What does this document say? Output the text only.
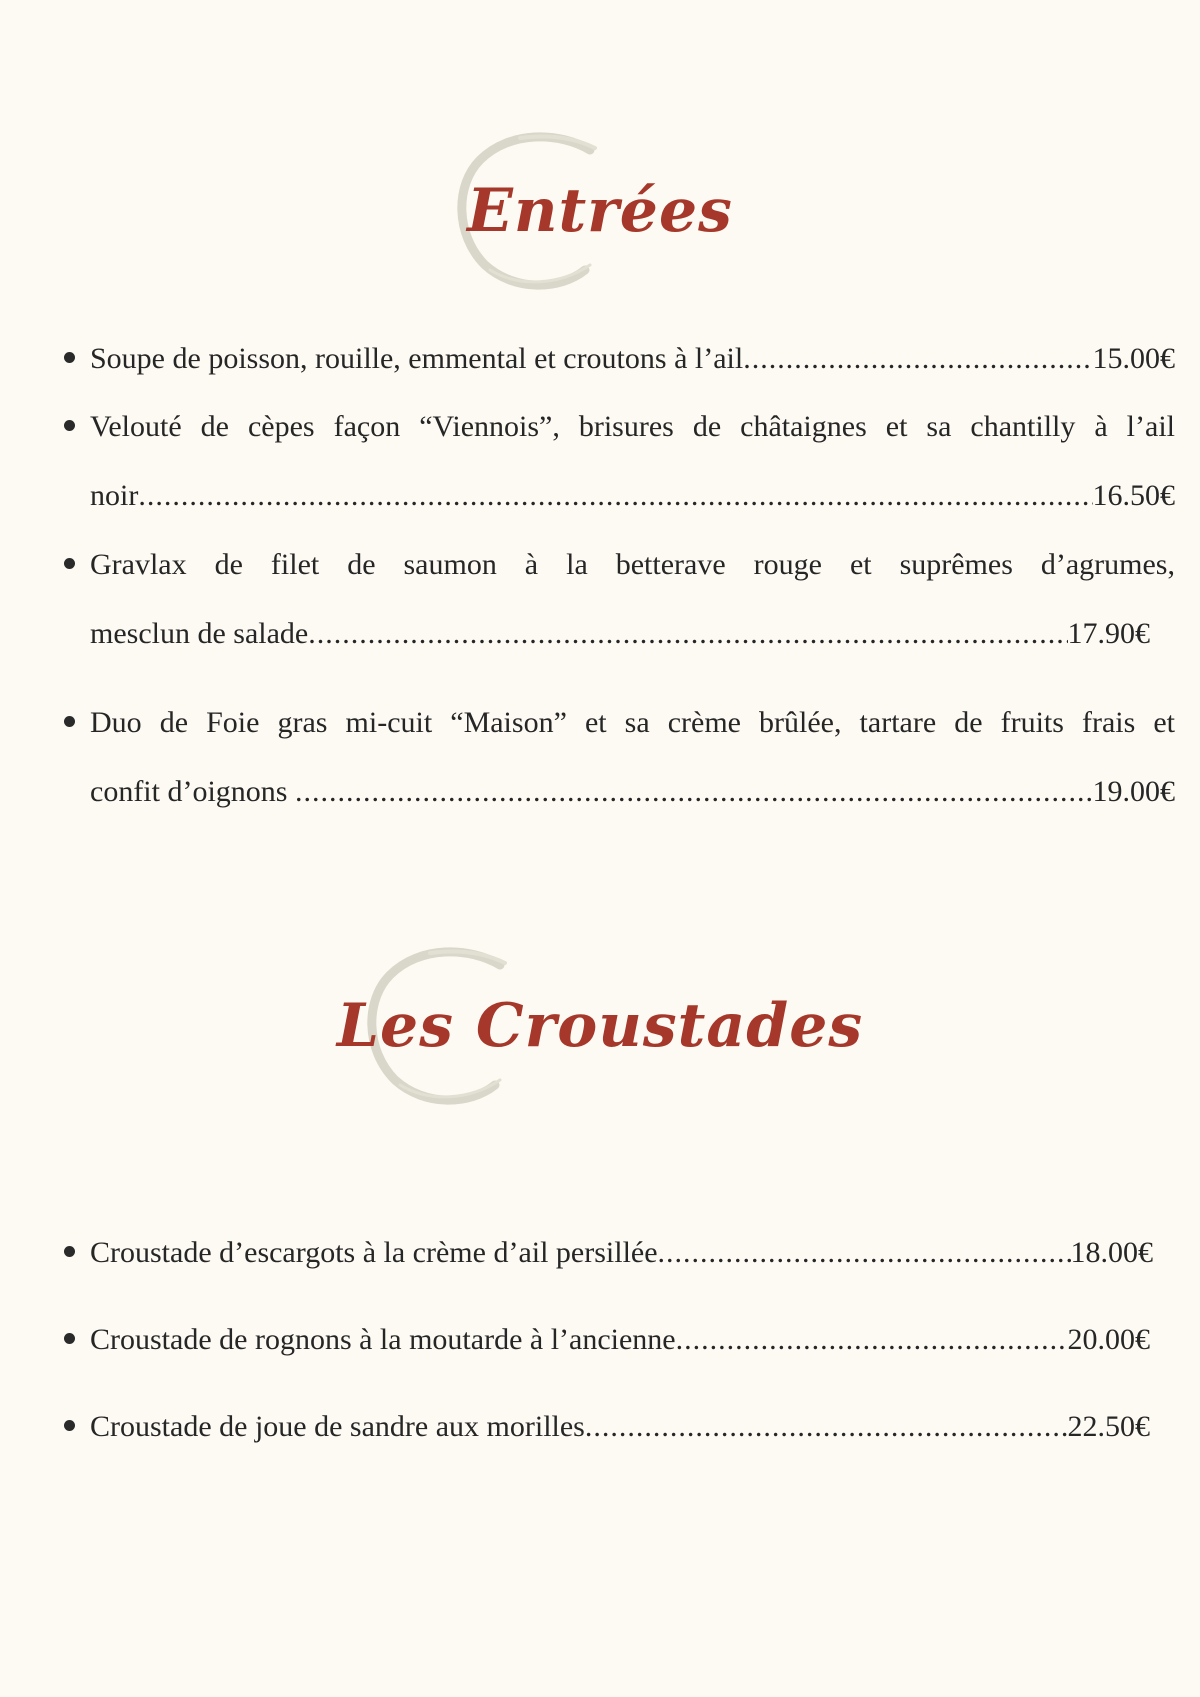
Entrées
Soupe de poisson, rouille, emmental et croutons à l’ail .....	15.00€
Velouté de cèpes façon “Viennois”, brisures de châtaignes et sa chantilly à l’ail
noir .....	16.50€
Gravlax de filet de saumon à la betterave rouge et suprêmes d’agrumes,
mesclun de salade .....	17.90€
Duo de Foie gras mi-cuit “Maison” et sa crème brûlée, tartare de fruits frais et
confit d’oignons .....	19.00€
Les Croustades
Croustade d’escargots à la crème d’ail persillée .....	18.00€
Croustade de rognons à la moutarde à l’ancienne .....	20.00€
Croustade de joue de sandre aux morilles .....	22.50€
